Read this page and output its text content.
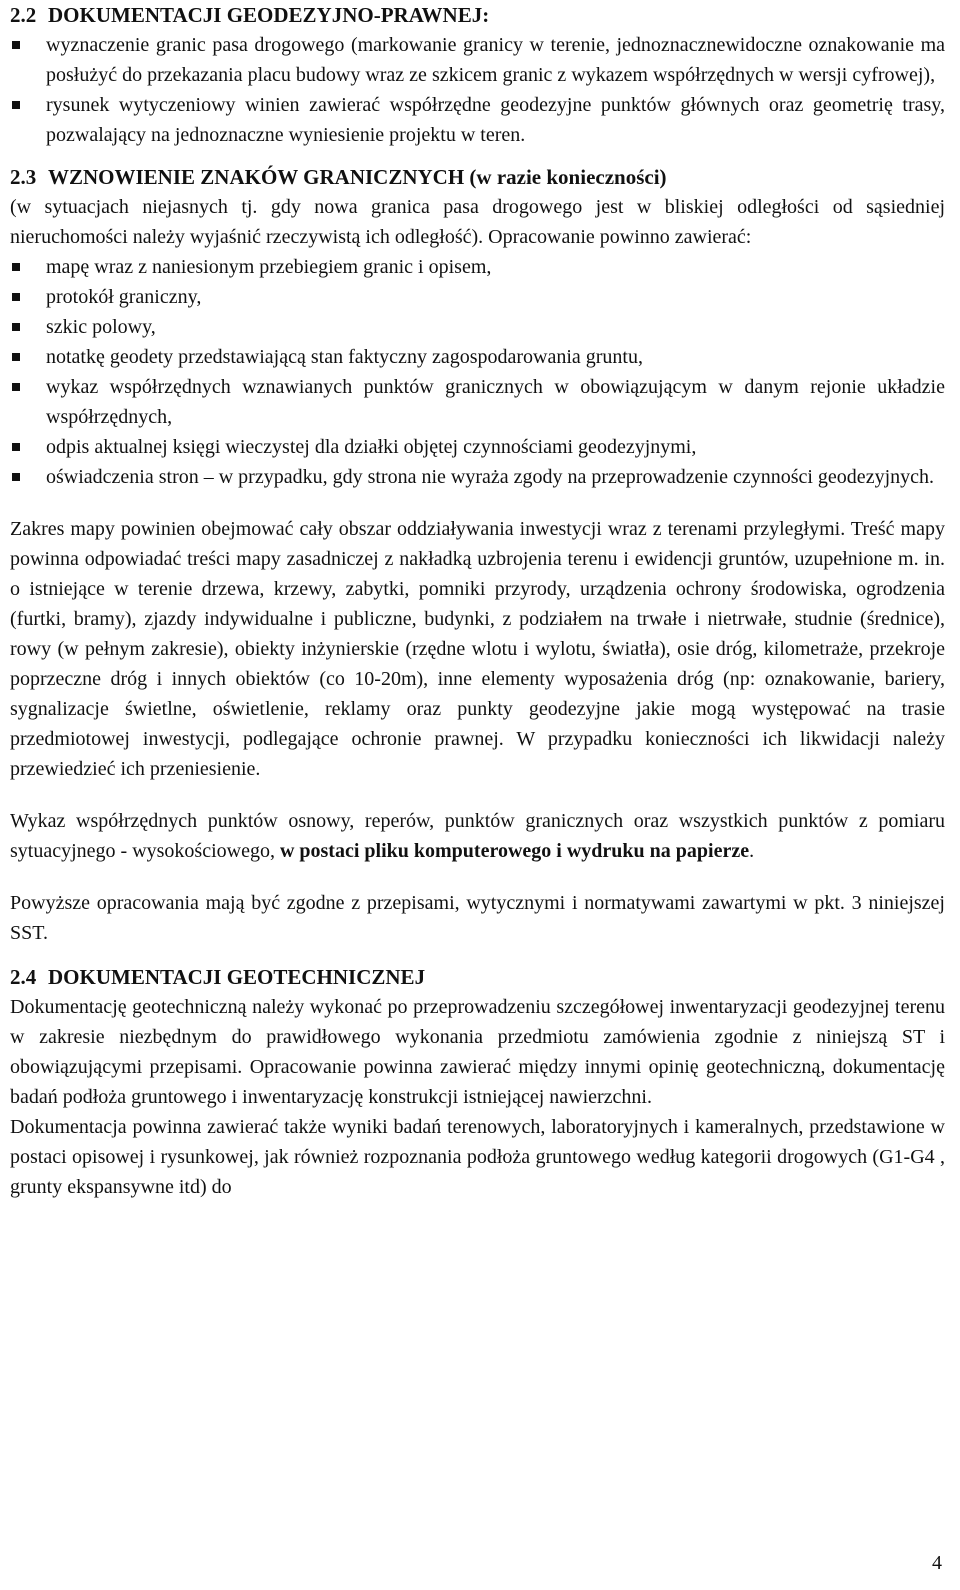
2.2 DOKUMENTACJI GEODEZYJNO-PRAWNEJ:
wyznaczenie granic pasa drogowego (markowanie granicy w terenie, jednoznacznewidoczne oznakowanie ma posłużyć do przekazania placu budowy wraz ze szkicem granic z wykazem współrzędnych w wersji cyfrowej),
rysunek wytyczeniowy winien zawierać współrzędne geodezyjne punktów głównych oraz geometrię trasy, pozwalający na jednoznaczne wyniesienie projektu w teren.
2.3 WZNOWIENIE ZNAKÓW GRANICZNYCH (w razie konieczności)

(w sytuacjach niejasnych tj. gdy nowa granica pasa drogowego jest w bliskiej odległości od sąsiedniej nieruchomości należy wyjaśnić rzeczywistą ich odległość). Opracowanie powinno zawierać:

mapę wraz z naniesionym przebiegiem granic i opisem,
protokół graniczny,
szkic polowy,
notatkę geodety przedstawiającą stan faktyczny zagospodarowania gruntu,
wykaz współrzędnych wznawianych punktów granicznych w obowiązującym w danym rejonie układzie współrzędnych,
odpis aktualnej księgi wieczystej dla działki objętej czynnościami geodezyjnymi,
oświadczenia stron – w przypadku, gdy strona nie wyraża zgody na przeprowadzenie czynności geodezyjnych.

Zakres mapy powinien obejmować cały obszar oddziaływania inwestycji wraz z terenami przyległymi. Treść mapy powinna odpowiadać treści mapy zasadniczej z nakładką uzbrojenia terenu i ewidencji gruntów, uzupełnione m. in. o istniejące w terenie drzewa, krzewy, zabytki, pomniki przyrody, urządzenia ochrony środowiska, ogrodzenia (furtki, bramy), zjazdy indywidualne i publiczne, budynki, z podziałem na trwałe i nietrwałe, studnie (średnice), rowy (w pełnym zakresie), obiekty inżynierskie (rzędne wlotu i wylotu, światła), osie dróg, kilometraże, przekroje poprzeczne dróg i innych obiektów (co 10-20m), inne elementy wyposażenia dróg (np: oznakowanie, bariery, sygnalizacje świetlne, oświetlenie, reklamy oraz punkty geodezyjne jakie mogą występować na trasie przedmiotowej inwestycji, podlegające ochronie prawnej. W przypadku konieczności ich likwidacji należy przewiedzieć ich przeniesienie.

Wykaz współrzędnych punktów osnowy, reperów, punktów granicznych oraz wszystkich punktów z pomiaru sytuacyjnego - wysokościowego, w postaci pliku komputerowego i wydruku na papierze.

Powyższe opracowania mają być zgodne z przepisami, wytycznymi i normatywami zawartymi w pkt. 3 niniejszej SST.

2.4 DOKUMENTACJI GEOTECHNICZNEJ

Dokumentację geotechniczną należy wykonać po przeprowadzeniu szczegółowej inwentaryzacji geodezyjnej terenu w zakresie niezbędnym do prawidłowego wykonania przedmiotu zamówienia zgodnie z niniejszą ST i obowiązującymi przepisami. Opracowanie powinna zawierać między innymi opinię geotechniczną, dokumentację badań podłoża gruntowego i inwentaryzację konstrukcji istniejącej nawierzchni.

Dokumentacja powinna zawierać także wyniki badań terenowych, laboratoryjnych i kameralnych, przedstawione w postaci opisowej i rysunkowej, jak również rozpoznania podłoża gruntowego według kategorii drogowych (G1-G4 , grunty ekspansywne itd) do

4
